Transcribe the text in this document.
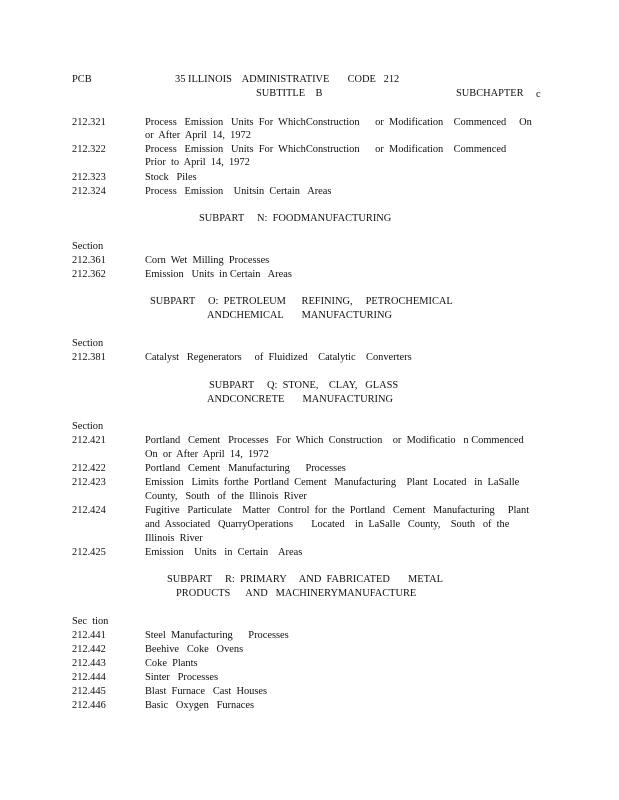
PCB	35 ILLINOIS    ADMINISTRATIVE       CODE   212
SUBTITLE    B	SUBCHAPTER c
212.321	Process   Emission   Units  For  WhichConstruction      or  Modification    Commenced     On
or  After  April  14,  1972
212.322	Process   Emission   Units  For  WhichConstruction      or  Modification    Commenced
Prior  to  April  14,  1972
212.323	Stock   Piles
212.324	Process   Emission    Unitsin  Certain   Areas
SUBPART     N:  FOODMANUFACTURING
Section
212.361	Corn  Wet  Milling  Processes
212.362	Emission   Units  in Certain   Areas
SUBPART     O:  PETROLEUM      REFINING,     PETROCHEMICAL
ANDCHEMICAL       MANUFACTURING
Section
212.381	Catalyst   Regenerators     of  Fluidized    Catalytic    Converters
SUBPART     Q:  STONE,    CLAY,   GLASS
ANDCONCRETE       MANUFACTURING
Section
212.421	Portland   Cement   Processes   For  Which  Construction    or  Modificatio   n Commenced
On  or  After  April  14,  1972
212.422	Portland   Cement   Manufacturing      Processes
212.423	Emission   Limits  forthe  Portland  Cement   Manufacturing    Plant  Located   in  LaSalle
County,   South   of  the  Illinois  River
212.424	Fugitive   Particulate    Matter   Control  for  the  Portland   Cement   Manufacturing     Plant
and  Associated   QuarryOperations       Located    in  LaSalle   County,    South   of  the
Illinois  River
212.425	Emission    Units   in  Certain    Areas
SUBPART     R:  PRIMARY     AND  FABRICATED       METAL
PRODUCTS      AND   MACHINERYMANUFACTURE
Sec  tion
212.441	Steel  Manufacturing      Processes
212.442	Beehive   Coke   Ovens
212.443	Coke  Plants
212.444	Sinter   Processes
212.445	Blast  Furnace   Cast  Houses
212.446	Basic   Oxygen   Furnaces
